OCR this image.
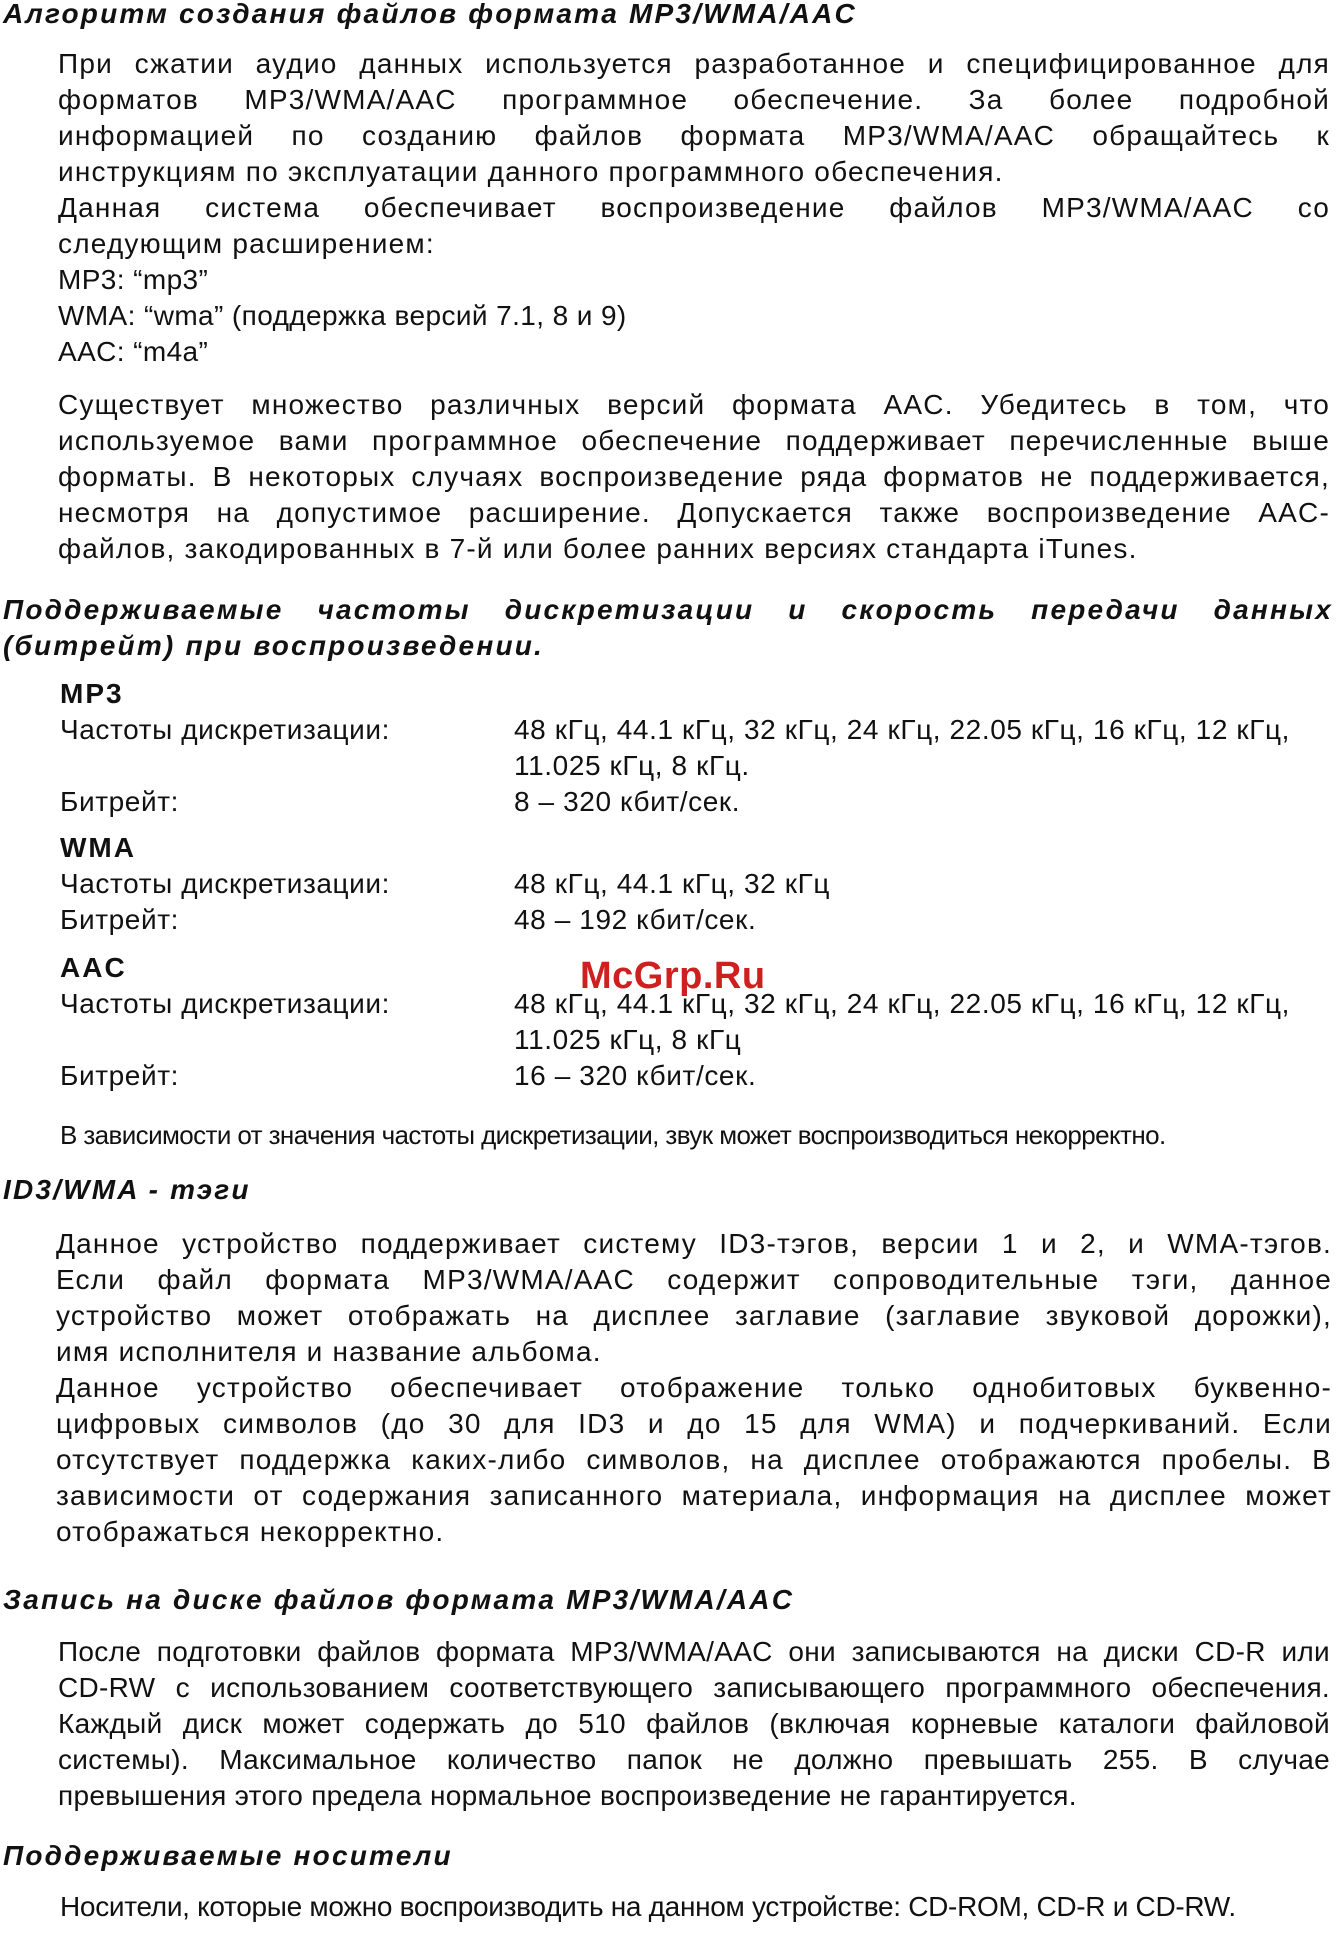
Алгоритм создания файлов формата MP3/WMA/AAC

При сжатии аудио данных используется разработанное и специфицированное для
форматов MP3/WMA/AAC программное обеспечение. За более подробной
информацией по созданию файлов формата MP3/WMA/AAC обращайтесь к
инструкциям по эксплуатации данного программного обеспечения.

Данная система обеспечивает воспроизведение файлов MP3/WMA/AAC со
следующим расширением:

MP3: “mp3”
WMA: “wma” (поддержка версий 7.1, 8 и 9)
AAC: “m4a”

Существует множество различных версий формата AAC. Убедитесь в том, что
используемое вами программное обеспечение поддерживает перечисленные выше
форматы. В некоторых случаях воспроизведение ряда форматов не поддерживается,
несмотря на допустимое расширение. Допускается также воспроизведение AAC-
файлов, закодированных в 7-й или более ранних версиях стандарта iTunes.

Поддерживаемые частоты дискретизации и скорость передачи данных
(битрейт) при воспроизведении.
MP3
Частоты дискретизации:	48 кГц, 44.1 кГц, 32 кГц, 24 кГц, 22.05 кГц, 16 кГц, 12 кГц,
11.025 кГц, 8 кГц.
Битрейт:	8 – 320 кбит/сек.
WMA
Частоты дискретизации:	48 кГц, 44.1 кГц, 32 кГц
Битрейт:	48 – 192 кбит/сек.
AAC
Частоты дискретизации:	48 кГц, 44.1 кГц, 32 кГц, 24 кГц, 22.05 кГц, 16 кГц, 12 кГц,
11.025 кГц, 8 кГц
Битрейт:	16 – 320 кбит/сек.
В зависимости от значения частоты дискретизации, звук может воспроизводиться некорректно.
ID3/WMA - тэги

Данное устройство поддерживает систему ID3-тэгов, версии 1 и 2, и WMA-тэгов.
Если файл формата MP3/WMA/AAC содержит сопроводительные тэги, данное
устройство может отображать на дисплее заглавие (заглавие звуковой дорожки),
имя исполнителя и название альбома.

Данное устройство обеспечивает отображение только однобитовых буквенно-
цифровых символов (до 30 для ID3 и до 15 для WMA) и подчеркиваний. Если
отсутствует поддержка каких-либо символов, на дисплее отображаются пробелы. В
зависимости от содержания записанного материала, информация на дисплее может
отображаться некорректно.

Запись на диске файлов формата MP3/WMA/AAC

После подготовки файлов формата MP3/WMA/AAC они записываются на диски CD-R или
CD-RW с использованием соответствующего записывающего программного обеспечения.
Каждый диск может содержать до 510 файлов (включая корневые каталоги файловой
системы). Максимальное количество папок не должно превышать 255. В случае
превышения этого предела нормальное воспроизведение не гарантируется.

Поддерживаемые носители
Носители, которые можно воспроизводить на данном устройстве: CD-ROM, CD-R и CD-RW.
McGrp.Ru
